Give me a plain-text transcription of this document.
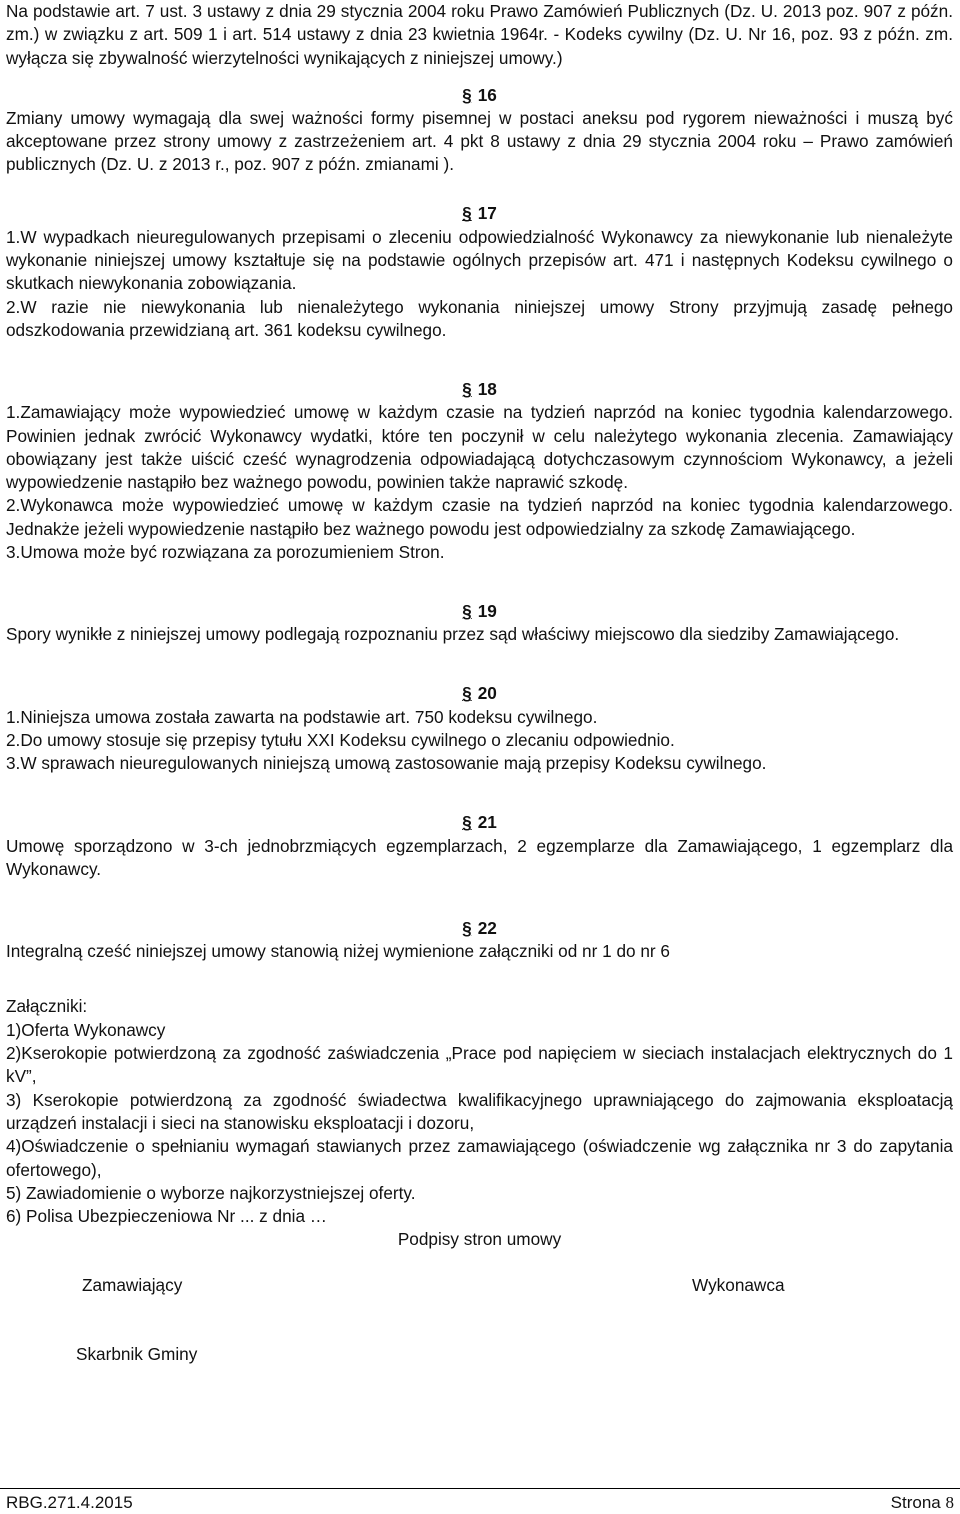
Na podstawie art. 7 ust. 3 ustawy z dnia 29 stycznia 2004 roku Prawo Zamówień Publicznych (Dz. U. 2013 poz. 907 z późn. zm.) w związku z art. 509 1 i art. 514 ustawy z dnia 23 kwietnia 1964r. - Kodeks cywilny (Dz. U. Nr 16, poz. 93 z późn. zm. wyłącza się zbywalność wierzytelności wynikających z niniejszej umowy.)

§ 16

Zmiany umowy wymagają dla swej ważności formy pisemnej w postaci aneksu pod rygorem nieważności i muszą być akceptowane przez strony umowy z zastrzeżeniem art. 4 pkt 8 ustawy z dnia 29 stycznia 2004 roku – Prawo zamówień publicznych (Dz. U. z 2013 r., poz. 907 z późn. zmianami ).

§ 17

1.W wypadkach nieuregulowanych przepisami o zleceniu odpowiedzialność Wykonawcy za niewykonanie lub nienależyte wykonanie niniejszej umowy kształtuje się na podstawie ogólnych przepisów art. 471 i następnych Kodeksu cywilnego o skutkach niewykonania zobowiązania.

2.W razie nie niewykonania lub nienależytego wykonania niniejszej umowy Strony przyjmują zasadę pełnego odszkodowania przewidzianą art. 361 kodeksu cywilnego.

§ 18

1.Zamawiający może wypowiedzieć umowę w każdym czasie na tydzień naprzód na koniec tygodnia kalendarzowego. Powinien jednak zwrócić Wykonawcy wydatki, które ten poczynił w celu należytego wykonania zlecenia. Zamawiający obowiązany jest także uiścić cześć wynagrodzenia odpowiadającą dotychczasowym czynnościom Wykonawcy, a jeżeli wypowiedzenie nastąpiło bez ważnego powodu, powinien także naprawić szkodę.

2.Wykonawca może wypowiedzieć umowę w każdym czasie na tydzień naprzód na koniec tygodnia kalendarzowego. Jednakże jeżeli wypowiedzenie nastąpiło bez ważnego powodu jest odpowiedzialny za szkodę Zamawiającego.

3.Umowa może być rozwiązana za porozumieniem Stron.

§ 19

Spory wynikłe z niniejszej umowy podlegają rozpoznaniu przez sąd właściwy miejscowo dla siedziby Zamawiającego.

§ 20

1.Niniejsza umowa została zawarta na podstawie art. 750 kodeksu cywilnego.

2.Do umowy stosuje się przepisy tytułu XXI Kodeksu cywilnego o zlecaniu odpowiednio.

3.W sprawach nieuregulowanych niniejszą umową zastosowanie mają przepisy Kodeksu cywilnego.

§ 21

Umowę sporządzono w 3-ch jednobrzmiących egzemplarzach, 2 egzemplarze dla Zamawiającego, 1 egzemplarz dla Wykonawcy.

§ 22

Integralną cześć niniejszej umowy stanowią niżej wymienione załączniki od nr 1 do nr 6

Załączniki:

1)Oferta Wykonawcy

2)Kserokopie potwierdzoną za zgodność zaświadczenia „Prace pod napięciem w sieciach instalacjach elektrycznych do 1 kV”,

3) Kserokopie potwierdzoną za zgodność świadectwa kwalifikacyjnego uprawniającego do zajmowania eksploatacją urządzeń instalacji i sieci na stanowisku eksploatacji i dozoru,

4)Oświadczenie o spełnianiu wymagań stawianych przez zamawiającego (oświadczenie wg załącznika nr 3 do zapytania ofertowego),

5) Zawiadomienie o wyborze najkorzystniejszej oferty.

6) Polisa Ubezpieczeniowa Nr ... z dnia …

Podpisy stron umowy

Zamawiający	Wykonawca
Skarbnik Gminy
RBG.271.4.2015	Strona 8
